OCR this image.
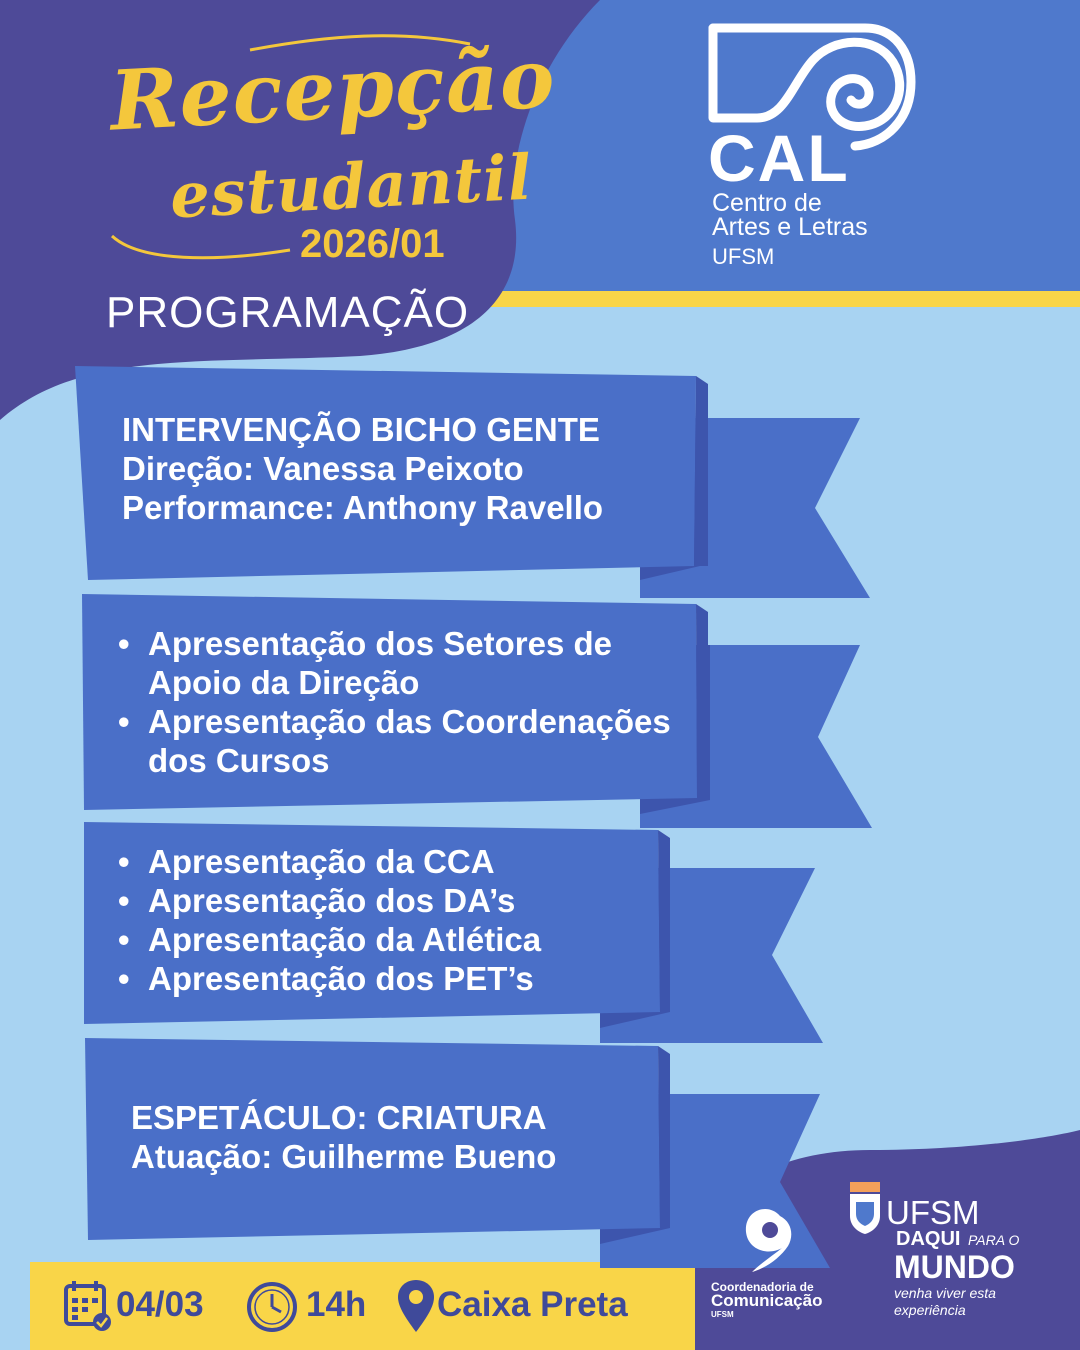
Recepção
estudantil
2026/01
PROGRAMAÇÃO
CAL
Centro de
Artes e Letras
UFSM
INTERVENÇÃO BICHO GENTE
Direção: Vanessa Peixoto
Performance: Anthony Ravello
• Apresentação dos Setores de Apoio da Direção
• Apresentação das Coordenações dos Cursos
• Apresentação da CCA
• Apresentação dos DA’s
• Apresentação da Atlética
• Apresentação dos PET’s
ESPETÁCULO: CRIATURA
Atuação: Guilherme Bueno
04/03	14h Caixa Preta	Coordenadoria de
Comunicação
UFSM
UFSM
DAQUI PARA O
MUNDO
venha viver esta
experiência
